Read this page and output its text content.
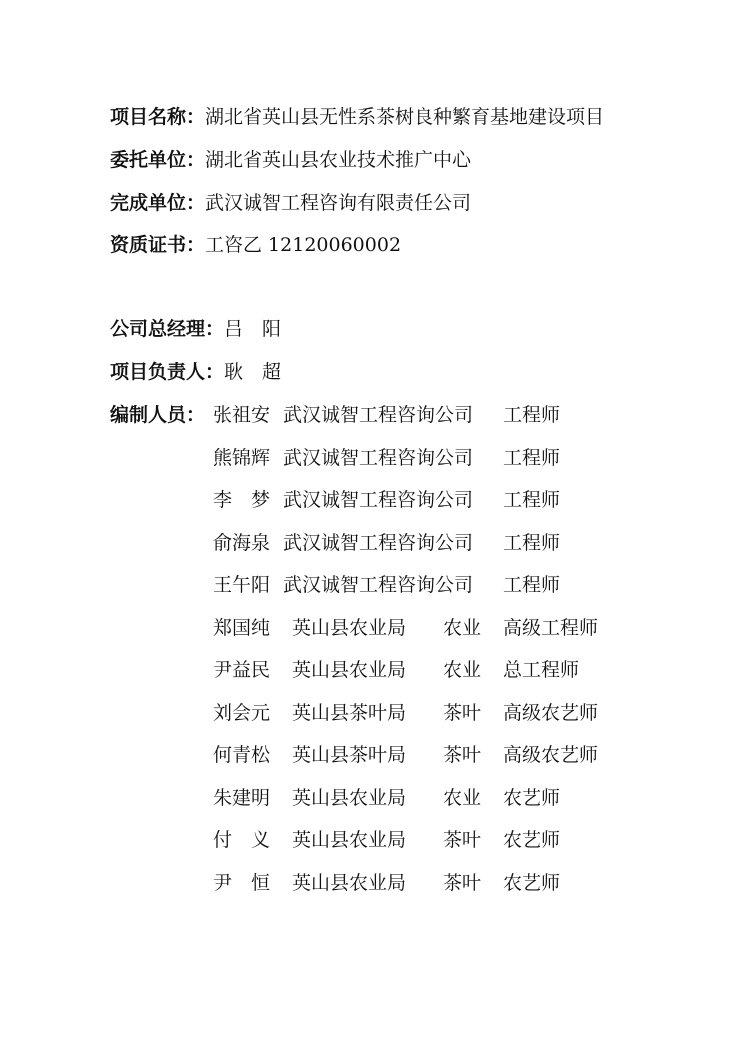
项目名称：湖北省英山县无性系茶树良种繁育基地建设项目
委托单位：湖北省英山县农业技术推广中心
完成单位：武汉诚智工程咨询有限责任公司
资质证书：工咨乙 12120060002
公司总经理：吕　阳
项目负责人：耿　超
编制人员： 张祖安 武汉诚智工程咨询公司 工程师
熊锦辉 武汉诚智工程咨询公司 工程师
李　梦 武汉诚智工程咨询公司 工程师
俞海泉 武汉诚智工程咨询公司 工程师
王午阳 武汉诚智工程咨询公司 工程师
郑国纯 英山县农业局 农业 高级工程师
尹益民 英山县农业局 农业 总工程师
刘会元 英山县茶叶局 茶叶 高级农艺师
何青松 英山县茶叶局 茶叶 高级农艺师
朱建明 英山县农业局 农业 农艺师
付　义 英山县农业局 茶叶 农艺师
尹　恒 英山县农业局 茶叶 农艺师
